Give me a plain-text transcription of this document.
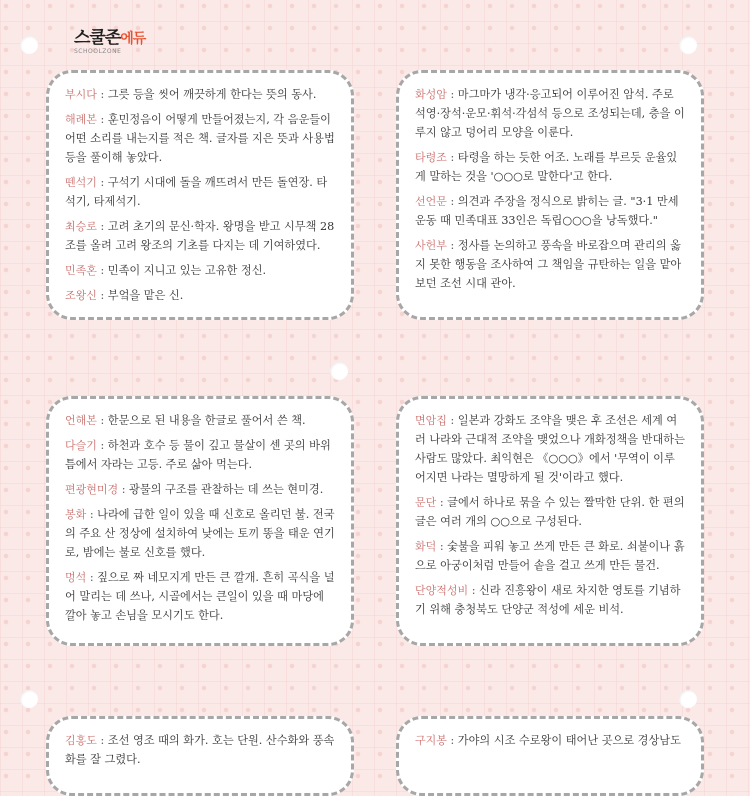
스쿨존에듀
SCHOOLZONE

부시다 : 그릇 등을 씻어 깨끗하게 한다는 뜻의 동사.

해례본 : 훈민정음이 어떻게 만들어졌는지, 각 음운들이 어떤 소리를 내는지를 적은 책. 글자를 지은 뜻과 사용법 등을 풀이해 놓았다.

뗀석기 : 구석기 시대에 돌을 깨뜨려서 만든 돌연장. 타석기, 타제석기.

최승로 : 고려 초기의 문신·학자. 왕명을 받고 시무책 28조를 올려 고려 왕조의 기초를 다지는 데 기여하였다.

민족혼 : 민족이 지니고 있는 고유한 정신.

조왕신 : 부엌을 맡은 신.

화성암 : 마그마가 냉각·응고되어 이루어진 암석. 주로 석영·장석·운모·휘석·각섬석 등으로 조성되는데, 층을 이루지 않고 덩어리 모양을 이룬다.

타령조 : 타령을 하는 듯한 어조. 노래를 부르듯 운율있게 말하는 것을 '○○○로 말한다'고 한다.

선언문 : 의견과 주장을 정식으로 밝히는 글. "3·1 만세 운동 때 민족대표 33인은 독립○○○을 낭독했다."

사헌부 : 정사를 논의하고 풍속을 바로잡으며 관리의 옳지 못한 행동을 조사하여 그 책임을 규탄하는 일을 맡아보던 조선 시대 관아.

언해본 : 한문으로 된 내용을 한글로 풀어서 쓴 책.

다슬기 : 하천과 호수 등 물이 깊고 물살이 센 곳의 바위 틈에서 자라는 고등. 주로 삶아 먹는다.

편광현미경 : 광물의 구조를 관찰하는 데 쓰는 현미경.

봉화 : 나라에 급한 일이 있을 때 신호로 올리던 불. 전국의 주요 산 정상에 설치하여 낮에는 토끼 똥을 태운 연기로, 밤에는 불로 신호를 했다.

멍석 : 짚으로 짜 네모지게 만든 큰 깔개. 흔히 곡식을 널어 말리는 데 쓰나, 시골에서는 큰일이 있을 때 마당에 깔아 놓고 손님을 모시기도 한다.

면암집 : 일본과 강화도 조약을 맺은 후 조선은 세계 여러 나라와 근대적 조약을 맺었으나 개화정책을 반대하는 사람도 많았다. 최익현은 《○○○》에서 '무역이 이루어지면 나라는 멸망하게 될 것'이라고 했다.

문단 : 글에서 하나로 묶을 수 있는 짤막한 단위. 한 편의 글은 여러 개의 ○○으로 구성된다.

화덕 : 숯불을 피워 놓고 쓰게 만든 큰 화로. 쇠붙이나 흙으로 아궁이처럼 만들어 솥을 걸고 쓰게 만든 물건.

단양적성비 : 신라 진흥왕이 새로 차지한 영토를 기념하기 위해 충청북도 단양군 적성에 세운 비석.

김홍도 : 조선 영조 때의 화가. 호는 단원. 산수화와 풍속화를 잘 그렸다.

구지봉 : 가야의 시조 수로왕이 태어난 곳으로 경상남도
